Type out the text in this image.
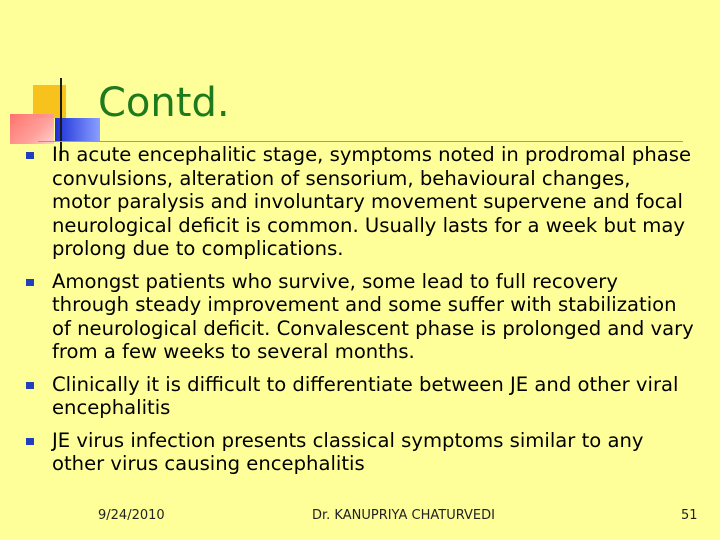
Contd.
In acute encephalitic stage, symptoms noted in prodromal phase convulsions, alteration of sensorium, behavioural changes, motor paralysis and involuntary movement supervene and focal neurological deficit is common. Usually lasts for a week but may prolong due to complications.
Amongst patients who survive, some lead to full recovery through steady improvement and some suffer with stabilization of neurological deficit. Convalescent phase is prolonged and vary from a few weeks to several months.
Clinically it is difficult to differentiate between JE and other viral encephalitis
JE virus infection presents classical symptoms similar to any other virus causing encephalitis
9/24/2010	Dr. KANUPRIYA CHATURVEDI	51
